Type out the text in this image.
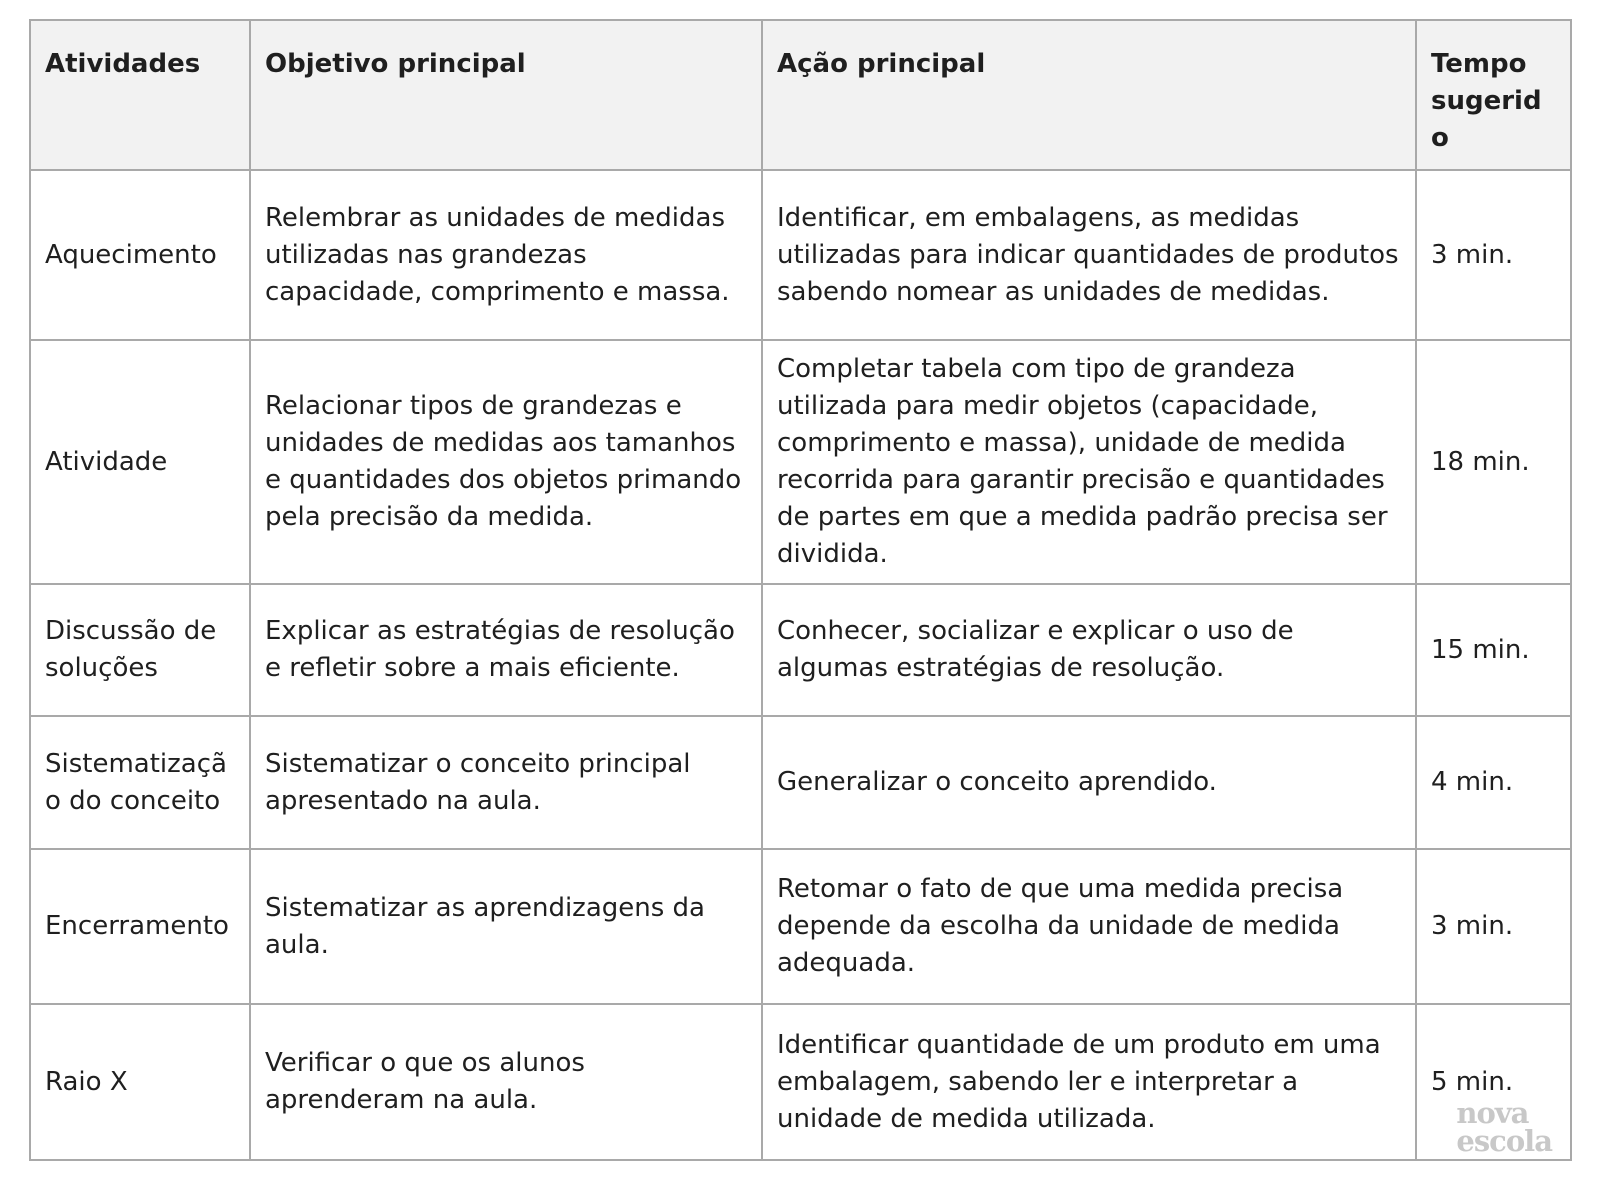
Atividades	Objetivo principal	Ação principal	Tempo sugerido
Aquecimento	Relembrar as unidades de medidas utilizadas nas grandezas capacidade, comprimento e massa.	Identificar, em embalagens, as medidas utilizadas para indicar quantidades de produtos sabendo nomear as unidades de medidas.	3 min.
Atividade	Relacionar tipos de grandezas e unidades de medidas aos tamanhos e quantidades dos objetos primando pela precisão da medida.	Completar tabela com tipo de grandeza utilizada para medir objetos (capacidade, comprimento e massa), unidade de medida recorrida para garantir precisão e quantidades de partes em que a medida padrão precisa ser dividida.	18 min.
Discussão de soluções	Explicar as estratégias de resolução e refletir sobre a mais eficiente.	Conhecer, socializar e explicar o uso de algumas estratégias de resolução.	15 min.
Sistematização do conceito	Sistematizar o conceito principal apresentado na aula.	Generalizar o conceito aprendido.	4 min.
Encerramento	Sistematizar as aprendizagens da aula.	Retomar o fato de que uma medida precisa depende da escolha da unidade de medida adequada.	3 min.
Raio X	Verificar o que os alunos aprenderam na aula.	Identificar quantidade de um produto em uma embalagem, sabendo ler e interpretar a unidade de medida utilizada.	5 min.
nova
escola
